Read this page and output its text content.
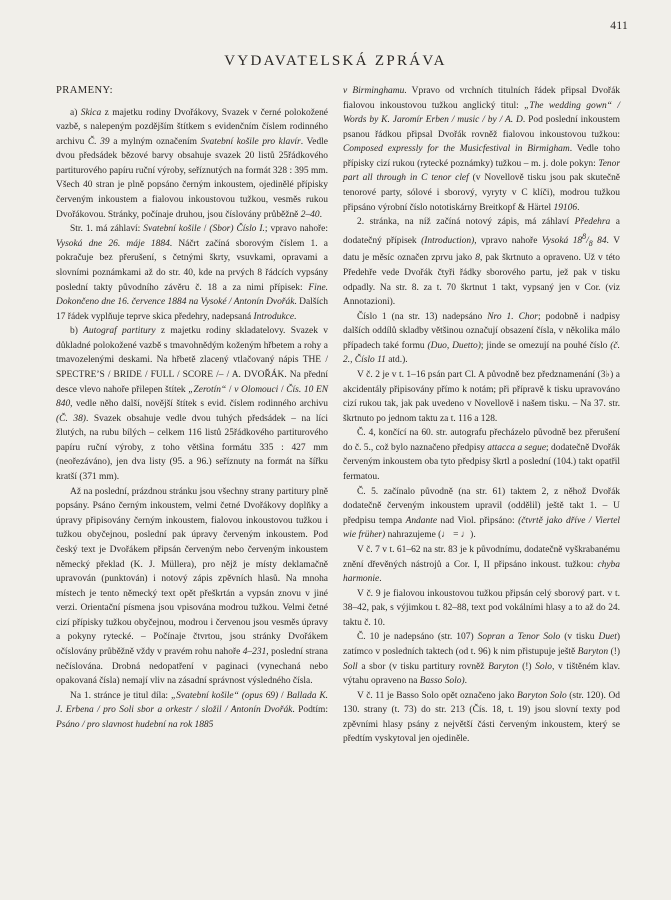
411
VYDAVATELSKÁ ZPRÁVA
PRAMENY:

a) Skica z majetku rodiny Dvořákovy, Svazek v černé polokožené vazbě, s nalepeným pozdějším štítkem s evidenčním číslem rodinného archivu Č. 39 a mylným označením Svatební košile pro klavír. Vedle dvou předsádek bězové barvy obsahuje svazek 20 listů 25řádkového partiturového papíru ruční výroby, seříznutých na formát 328 : 395 mm. Všech 40 stran je plně popsáno černým inkoustem, ojedinělé přípisky červeným inkoustem a fialovou inkoustovou tužkou, vesměs rukou Dvořákovou. Stránky, počínaje druhou, jsou číslovány průběžně 2–40.

Str. 1. má záhlaví: Svatební košile / (Sbor) Číslo I.; vpravo nahoře: Vysoká dne 26. máje 1884. Náčrt začíná sborovým číslem 1. a pokračuje bez přerušení, s četnými škrty, vsuvkami, opravami a slovními poznámkami až do str. 40, kde na prvých 8 řádcích vypsány poslední takty původního závěru č. 18 a za nimi přípisek: Fine. Dokončeno dne 16. července 1884 na Vysoké / Antonín Dvořák. Dalších 17 řádek vyplňuje teprve skica předehry, nadepsaná Introdukce.

b) Autograf partitury z majetku rodiny skladatelovy. Svazek v důkladné polokožené vazbě s tmavohnědým koženým hřbetem a rohy a tmavozelenými deskami. Na hřbetě zlacený vtlačovaný nápis THE / SPECTRE’S / BRIDE / FULL / SCORE /– / A. DVOŘÁK. Na přední desce vlevo nahoře přilepen štítek „Zerotín“ / v Olomouci / Čís. 10 EN 840, vedle něho další, novější štítek s evid. číslem rodinného archivu (Č. 38). Svazek obsahuje vedle dvou tuhých předsádek – na líci žlutých, na rubu bílých – celkem 116 listů 25řádkového partiturového papíru ruční výroby, z toho většina formátu 335 : 427 mm (neořezáváno), jen dva listy (95. a 96.) seříznuty na formát na šířku kratší (371 mm).

Až na poslední, prázdnou stránku jsou všechny strany partitury plně popsány. Psáno černým inkoustem, velmi četné Dvořákovy doplňky a úpravy připisovány černým inkoustem, fialovou inkoustovou tužkou i tužkou obyčejnou, poslední pak úpravy červeným inkoustem. Pod český text je Dvořákem připsán červeným nebo červeným inkoustem německý překlad (K. J. Müllera), pro nějž je místy deklamačně upravován (punktován) i notový zápis zpěvních hlasů. Na mnoha místech je tento německý text opět přeškrtán a vypsán znovu v jiné verzi. Orientační písmena jsou vpisována modrou tužkou. Velmi četné cizí přípisky tužkou obyčejnou, modrou i červenou jsou vesměs úpravy a pokyny rytecké. – Počínaje čtvrtou, jsou stránky Dvořákem očíslovány průběžně vždy v pravém rohu nahoře 4–231, poslední strana nečíslována. Drobná nedopatření v paginaci (vynechaná nebo opakovaná čísla) nemají vliv na zásadní správnost výsledného čísla.

Na 1. stránce je titul díla: „Svatební košile“ (opus 69) / Ballada K. J. Erbena / pro Soli sbor a orkestr / složil / Antonín Dvořák. Podtím: Psáno / pro slavnost hudební na rok 1885

v Birminghamu. Vpravo od vrchních titulních řádek připsal Dvořák fialovou inkoustovou tužkou anglický titul: „The wedding gown“ / Words by K. Jaromír Erben / music / by / A. D. Pod poslední inkoustem psanou řádkou připsal Dvořák rovněž fialovou inkoustovou tužkou: Composed expressly for the Musicfestival in Birmigham. Vedle toho přípisky cizí rukou (rytecké poznámky) tužkou – m. j. dole pokyn: Tenor part all through in C tenor clef (v Novellově tisku jsou pak skutečně tenorové party, sólové i sborový, vyryty v C klíči), modrou tužkou připsáno výrobní číslo nototiskárny Breitkopf & Härtel 19106.

2. stránka, na níž začíná notový zápis, má záhlaví Předehra a dodatečný přípisek (Introduction), vpravo nahoře Vysoká $18^8/_8$ 84. V datu je měsíc označen zprvu jako 8, pak škrtnuto a opraveno. Už v této Předehře vede Dvořák čtyři řádky sborového partu, jež pak v tisku odpadly. Na str. 8. za t. 70 škrtnut 1 takt, vypsaný jen v Cor. (viz Annotazioni).

Číslo 1 (na str. 13) nadepsáno Nro 1. Chor; podobně i nadpisy dalších oddílů skladby většinou označují obsazení čísla, v několika málo případech také formu (Duo, Duetto); jinde se omezují na pouhé číslo (č. 2., Číslo 11 atd.).

V č. 2 je v t. 1–16 psán part Cl. A původně bez předznamenání (3♭) a akcidentály připisovány přímo k notám; při přípravě k tisku upravováno cizí rukou tak, jak pak uvedeno v Novellově i našem tisku. – Na 37. str. škrtnuto po jednom taktu za t. 116 a 128.

Č. 4, končící na 60. str. autografu přecházelo původně bez přerušení do č. 5., což bylo naznačeno předpisy attacca a segue; dodatečně Dvořák červeným inkoustem oba tyto předpisy škrtl a poslední (104.) takt opatřil fermatou.

Č. 5. začínalo původně (na str. 61) taktem 2, z něhož Dvořák dodatečně červeným inkoustem upravil (oddělil) ještě takt 1. – U předpisu tempa Andante nad Viol. připsáno: (čtvrtě jako dříve / Viertel wie früher) nahrazujeme (♩ = ♩).

V č. 7 v t. 61–62 na str. 83 je k původnímu, dodatečně vyškrabanému znění dřevěných nástrojů a Cor. I, II připsáno inkoust. tužkou: chyba harmonie.

V č. 9 je fialovou inkoustovou tužkou připsán celý sborový part. v t. 38–42, pak, s výjimkou t. 82–88, text pod vokálními hlasy a to až do 24. taktu č. 10.

Č. 10 je nadepsáno (str. 107) Sopran a Tenor Solo (v tisku Duet) zatímco v posledních taktech (od t. 96) k nim přistupuje ještě Baryton (!) Soll a sbor (v tisku partitury rovněž Baryton (!) Solo, v tištěném klav. výtahu opraveno na Basso Solo).

V č. 11 je Basso Solo opět označeno jako Baryton Solo (str. 120). Od 130. strany (t. 73) do str. 213 (Čís. 18, t. 19) jsou slovní texty pod zpěvními hlasy psány z největší části červeným inkoustem, který se předtím vyskytoval jen ojediněle.
